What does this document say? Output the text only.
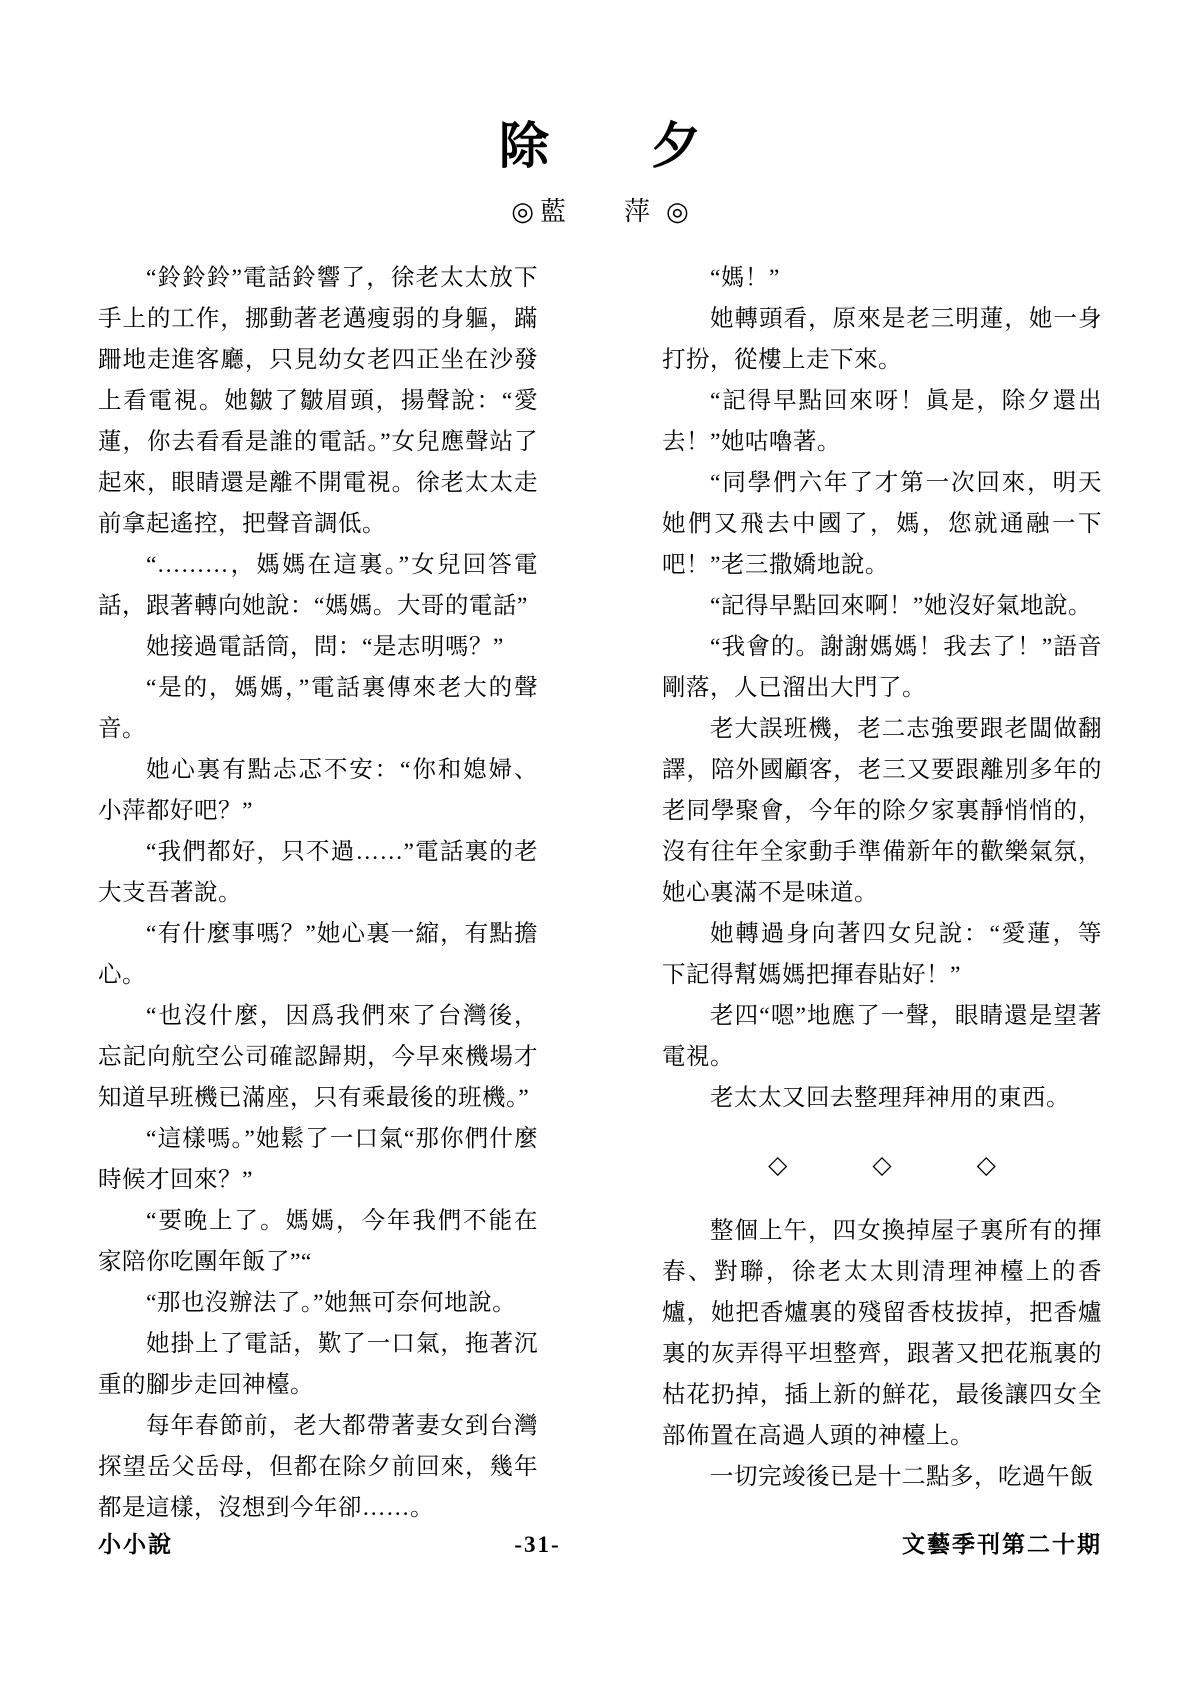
除　夕
◎藍　萍◎

“鈴鈴鈴”電話鈴響了，徐老太太放下手上的工作，挪動著老邁瘦弱的身軀，蹣跚地走進客廳，只見幼女老四正坐在沙發上看電視。她皺了皺眉頭，揚聲說：“愛蓮，你去看看是誰的電話。”女兒應聲站了起來，眼睛還是離不開電視。徐老太太走前拿起遙控，把聲音調低。

“………，媽媽在這裏。”女兒回答電話，跟著轉向她說：“媽媽。大哥的電話”

她接過電話筒，問：“是志明嗎？”

“是的，媽媽，”電話裏傳來老大的聲音。

她心裏有點忐忑不安：“你和媳婦、小萍都好吧？”

“我們都好，只不過……”電話裏的老大支吾著說。

“有什麼事嗎？”她心裏一縮，有點擔心。

“也沒什麼，因爲我們來了台灣後，忘記向航空公司確認歸期，今早來機場才知道早班機已滿座，只有乘最後的班機。”

“這樣嗎。”她鬆了一口氣“那你們什麼時候才回來？”

“要晚上了。媽媽，今年我們不能在家陪你吃團年飯了”“

“那也沒辦法了。”她無可奈何地說。

她掛上了電話，歎了一口氣，拖著沉重的腳步走回神檯。

每年春節前，老大都帶著妻女到台灣探望岳父岳母，但都在除夕前回來，幾年都是這樣，沒想到今年卻……。

“媽！”

她轉頭看，原來是老三明蓮，她一身打扮，從樓上走下來。

“記得早點回來呀！眞是，除夕還出去！”她咕嚕著。

“同學們六年了才第一次回來，明天她們又飛去中國了，媽，您就通融一下吧！”老三撒嬌地說。

“記得早點回來啊！”她沒好氣地說。

“我會的。謝謝媽媽！我去了！”語音剛落，人已溜出大門了。

老大誤班機，老二志強要跟老闆做翻譯，陪外國顧客，老三又要跟離別多年的老同學聚會，今年的除夕家裏靜悄悄的，沒有往年全家動手準備新年的歡樂氣氛，她心裏滿不是味道。

她轉過身向著四女兒說：“愛蓮，等下記得幫媽媽把揮春貼好！”

老四“嗯”地應了一聲，眼睛還是望著電視。

老太太又回去整理拜神用的東西。

◇　◇　◇

整個上午，四女換掉屋子裏所有的揮春、對聯，徐老太太則清理神檯上的香爐，她把香爐裏的殘留香枝拔掉，把香爐裏的灰弄得平坦整齊，跟著又把花瓶裏的枯花扔掉，插上新的鮮花，最後讓四女全部佈置在高過人頭的神檯上。

一切完竣後已是十二點多，吃過午飯

小小說	-31-	文藝季刊第二十期
